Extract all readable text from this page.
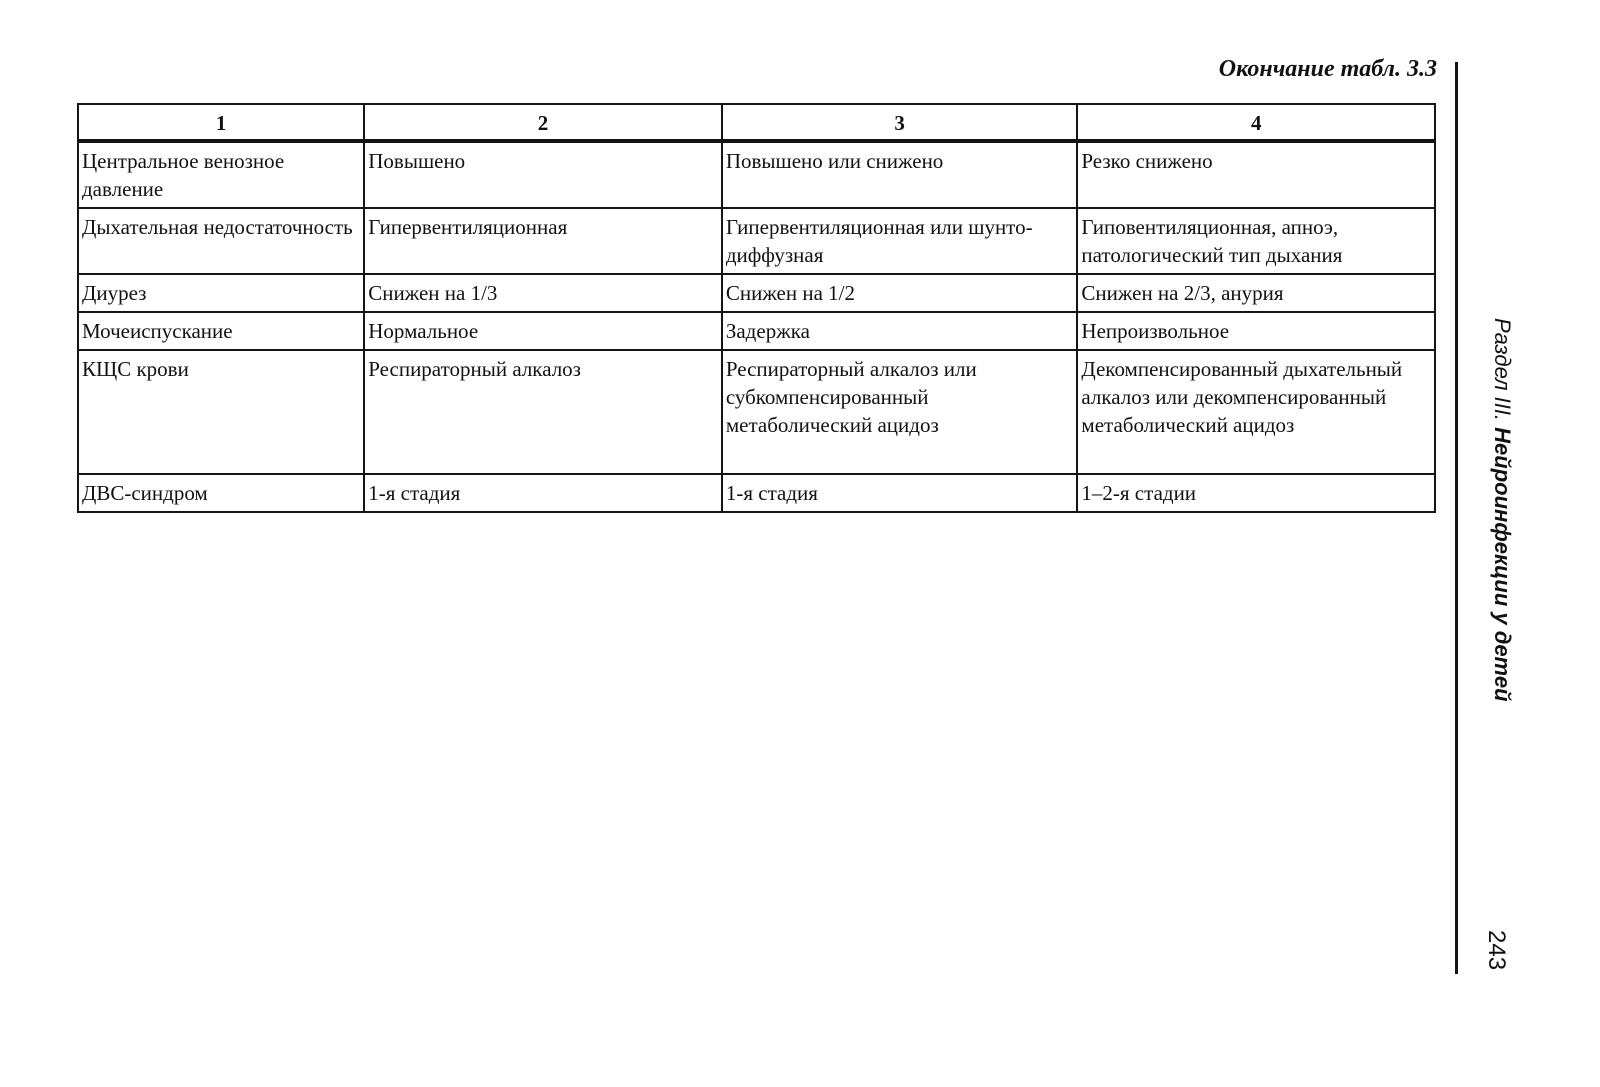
Окончание табл. 3.3
1	2	3	4
Центральное венозное давление	Повышено	Повышено или снижено	Резко снижено
Дыхательная недостаточность	Гипервентиляционная	Гипервентиляционная или шунто-диффузная	Гиповентиляционная, апноэ, патологический тип дыхания
Диурез	Снижен на 1/3	Снижен на 1/2	Снижен на 2/3, анурия
Мочеиспускание	Нормальное	Задержка	Непроизвольное
КЩС крови	Респираторный алкалоз	Респираторный алкалоз или субкомпенсированный метаболический ацидоз	Декомпенсированный дыхательный алкалоз или декомпенсированный метаболический ацидоз
ДВС-синдром	1-я стадия	1-я стадия	1–2-я стадии
Раздел III. Нейроинфекции у детей
243
